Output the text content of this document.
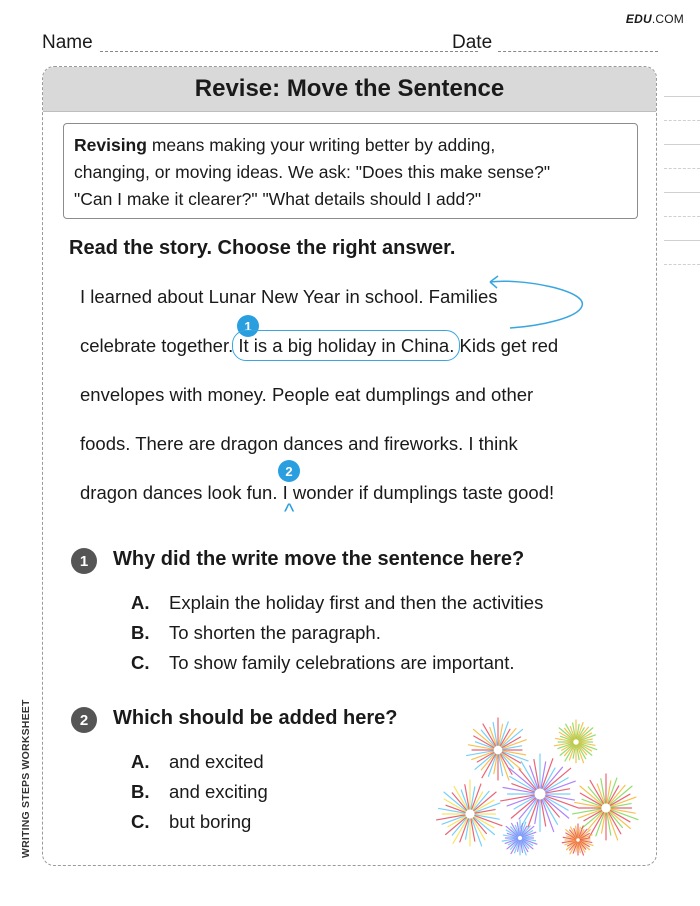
EDU.COM
Name	Date
Revise: Move the Sentence
Revising means making your writing better by adding,
changing, or moving ideas. We ask: "Does this make sense?"
"Can I make it clearer?" "What details should I add?"
Read the story. Choose the right answer.
I learned about Lunar New Year in school. Families
1
celebrate together. It is a big holiday in China. Kids get red
envelopes with money. People eat dumplings and other
foods. There are dragon dances and fireworks. I think
2
dragon dances look fun. I wonder if dumplings taste good!
^
1	Why did the write move the sentence here?
A. Explain the holiday first and then the activities
B. To shorten the paragraph.
C. To show family celebrations are important.
2	Which should be added here?
A. and excited
B. and exciting
C. but boring
WRITING STEPS WORKSHEET
